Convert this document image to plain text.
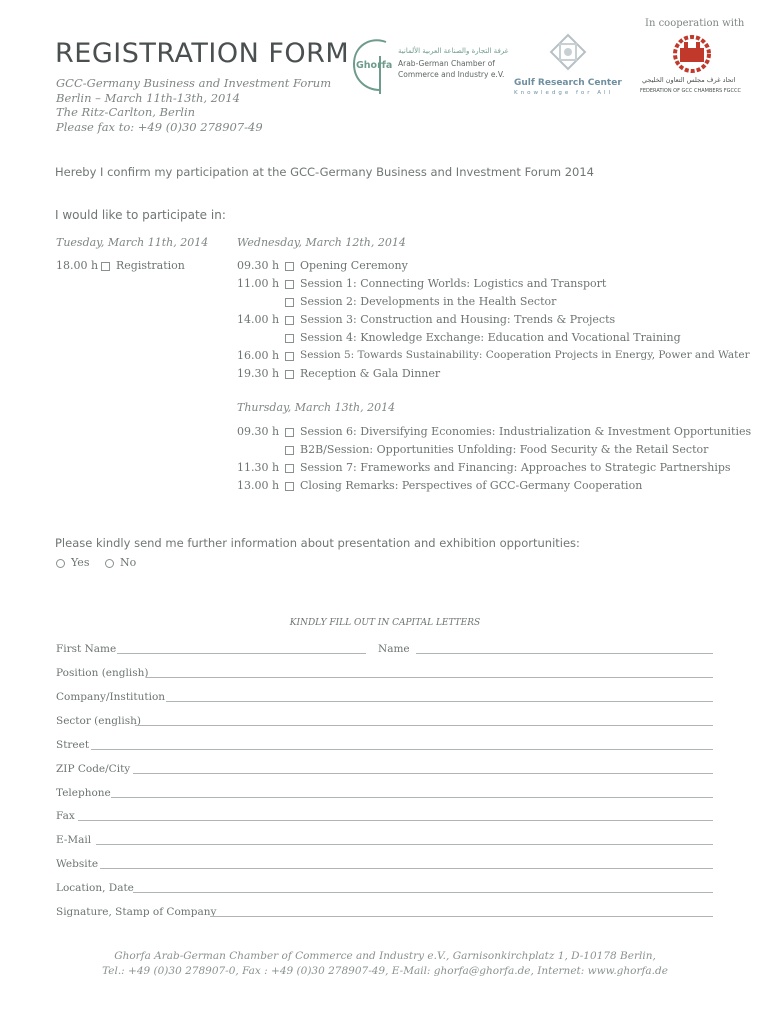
REGISTRATION FORM
GCC-Germany Business and Investment Forum
Berlin – March 11th-13th, 2014
The Ritz-Carlton, Berlin
Please fax to: +49 (0)30 278907-49
In cooperation with
غرفة التجارة والصناعة العربية الألمانية
Ghorfa Arab-German Chamber of
Commerce and Industry e.V.
Gulf Research Center
Knowledge for All
اتحاد غرف مجلس التعاون الخليجي
FEDERATION OF GCC CHAMBERS FGCCC
Hereby I confirm my participation at the GCC-Germany Business and Investment Forum 2014
I would like to participate in:
Tuesday, March 11th, 2014	Wednesday, March 12th, 2014
18.00 h Registration	09.30 h Opening Ceremony
11.00 h Session 1: Connecting Worlds: Logistics and Transport
Session 2: Developments in the Health Sector
14.00 h Session 3: Construction and Housing: Trends & Projects
Session 4: Knowledge Exchange: Education and Vocational Training
16.00 h Session 5: Towards Sustainability: Cooperation Projects in Energy, Power and Water
19.30 h Reception & Gala Dinner
Thursday, March 13th, 2014
09.30 h Session 6: Diversifying Economies: Industrialization & Investment Opportunities
B2B/Session: Opportunities Unfolding: Food Security & the Retail Sector
11.30 h Session 7: Frameworks and Financing: Approaches to Strategic Partnerships
13.00 h Closing Remarks: Perspectives of GCC-Germany Cooperation
Please kindly send me further information about presentation and exhibition opportunities:
Yes	No
KINDLY FILL OUT IN CAPITAL LETTERS
First Name	Name
Position (english)
Company/Institution
Sector (english)
Street
ZIP Code/City
Telephone
Fax
E-Mail
Website
Location, Date
Signature, Stamp of Company
Ghorfa Arab-German Chamber of Commerce and Industry e.V., Garnisonkirchplatz 1, D-10178 Berlin,
Tel.: +49 (0)30 278907-0, Fax : +49 (0)30 278907-49, E-Mail: ghorfa@ghorfa.de, Internet: www.ghorfa.de
